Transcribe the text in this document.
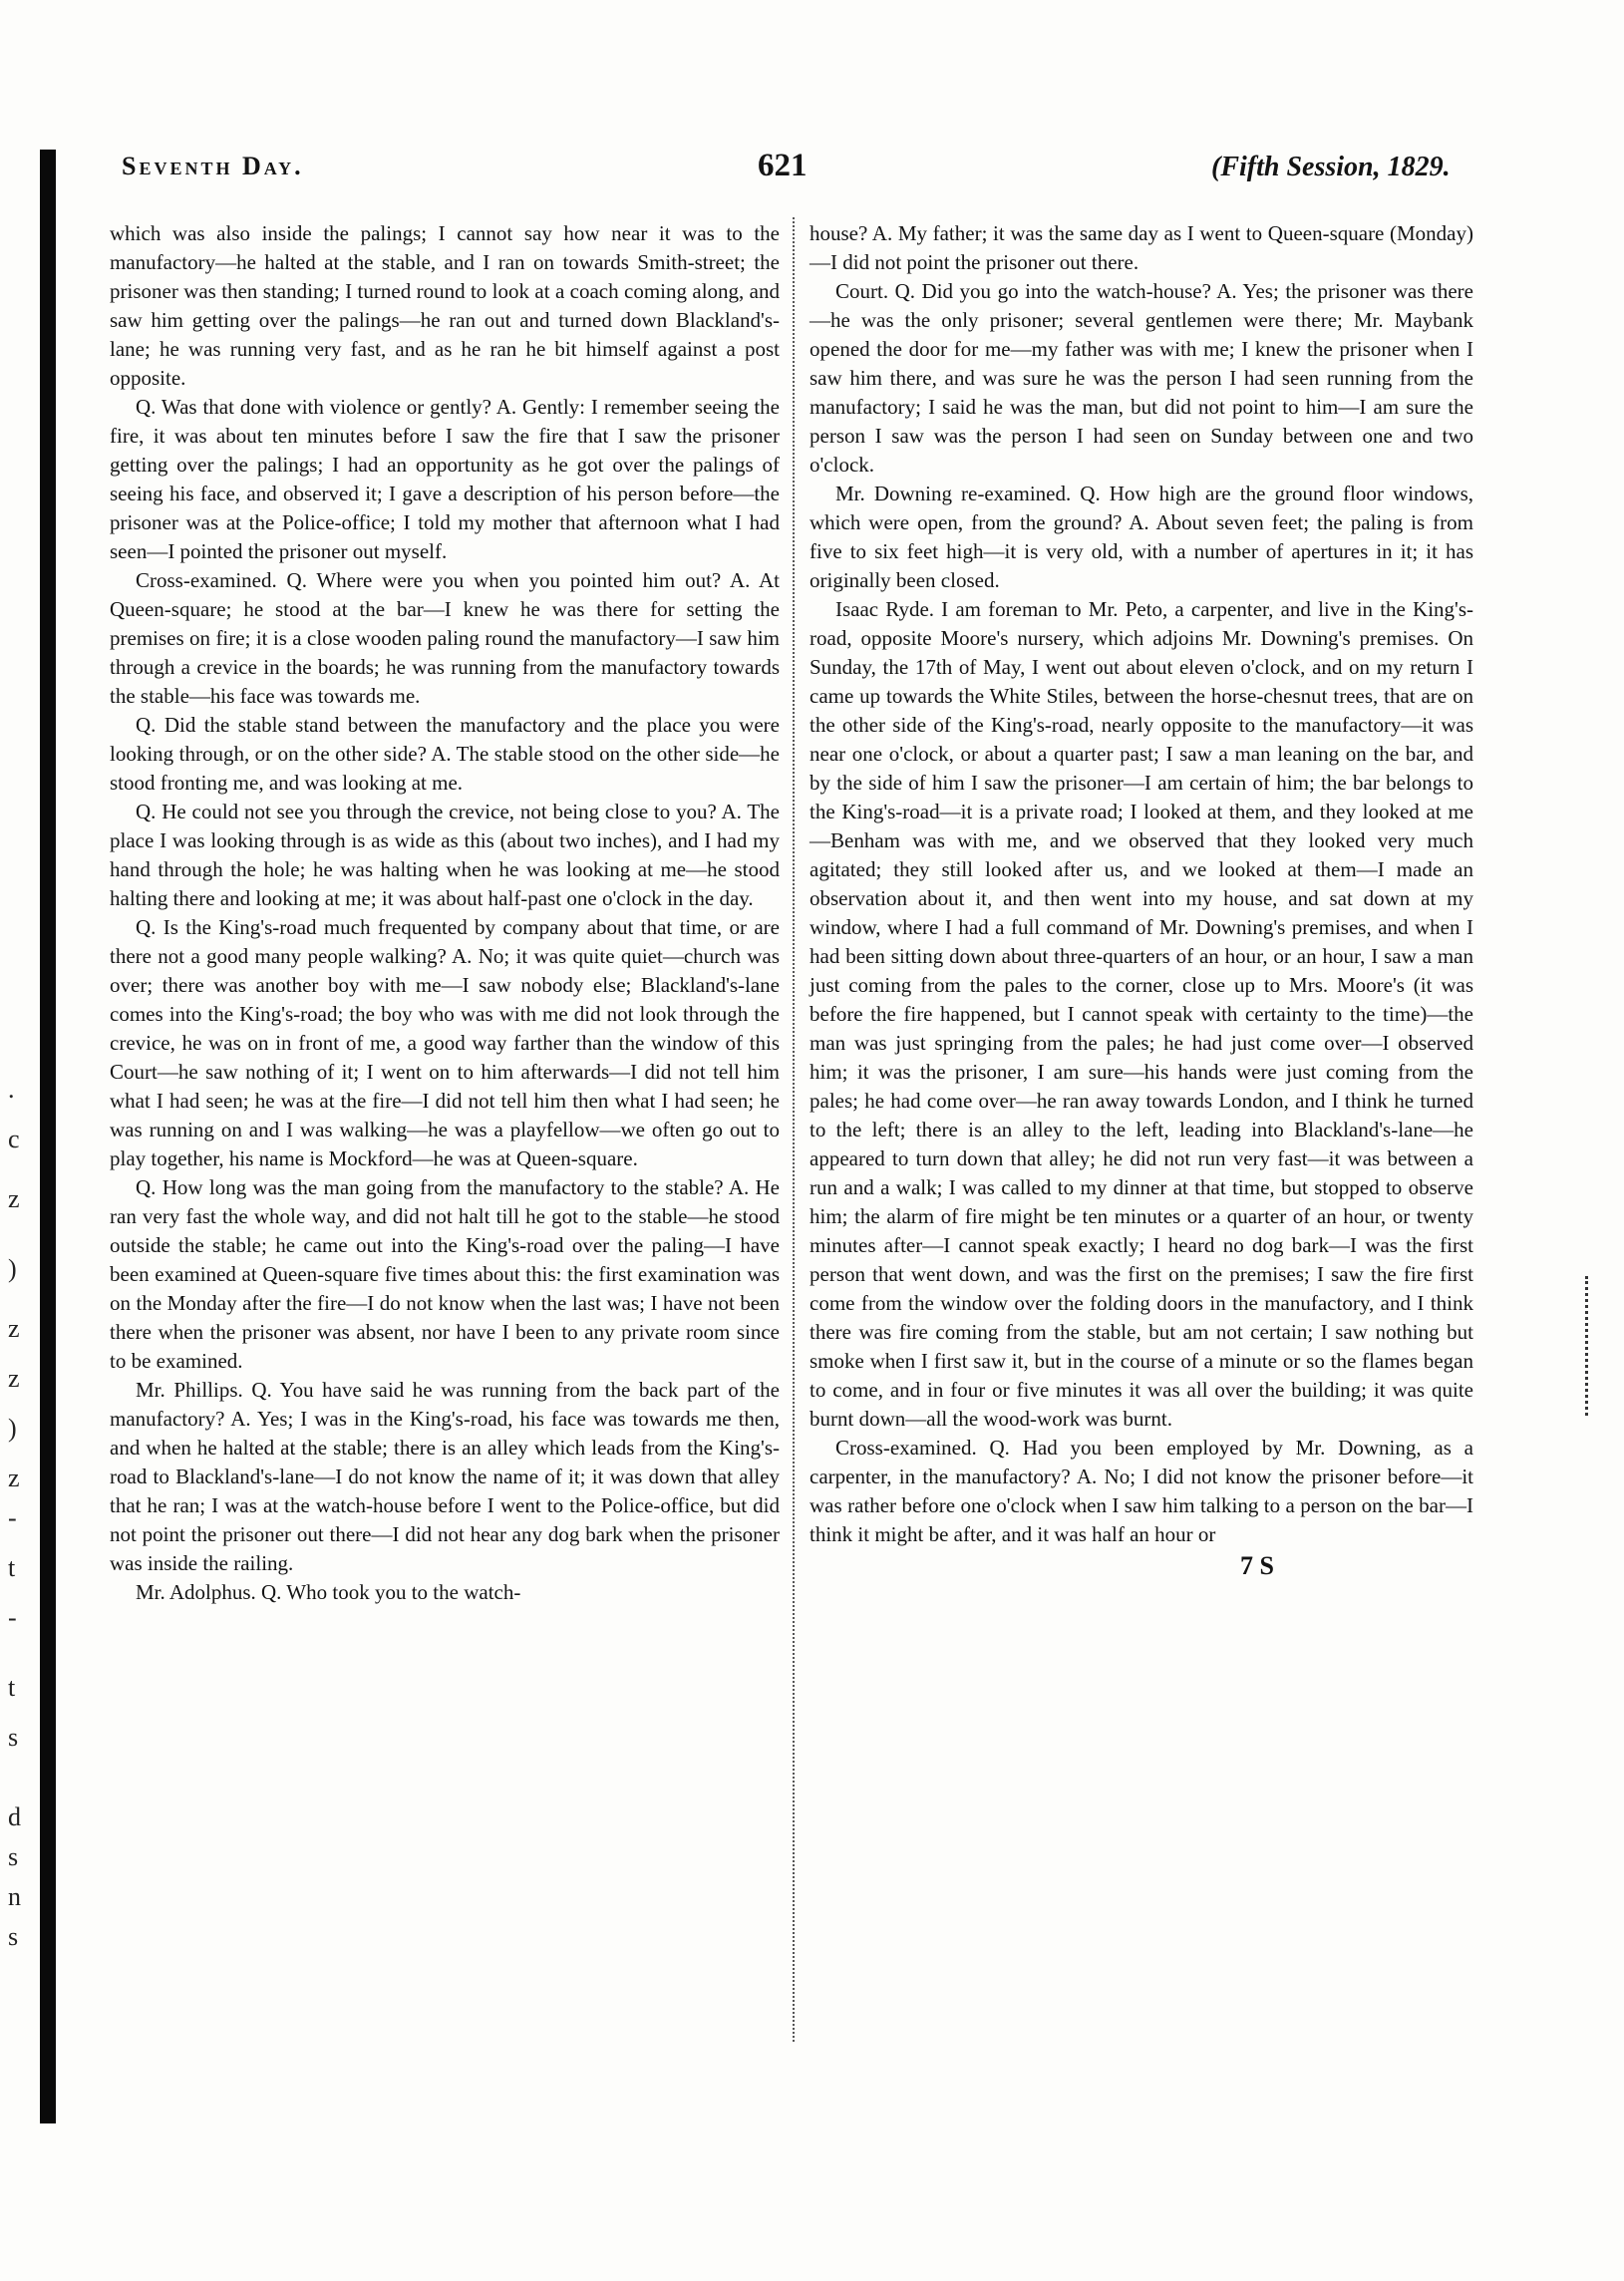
.
c
z
)
z
z
)
z
-
t
-
t
s
d
s
n
s
Seventh Day.	621	(Fifth Session, 1829.

which was also inside the palings; I cannot say how near it was to the manufactory—he halted at the stable, and I ran on towards Smith-street; the prisoner was then standing; I turned round to look at a coach coming along, and saw him getting over the palings—he ran out and turned down Blackland's-lane; he was running very fast, and as he ran he bit himself against a post opposite.

Q. Was that done with violence or gently? A. Gently: I remember seeing the fire, it was about ten minutes before I saw the fire that I saw the prisoner getting over the palings; I had an opportunity as he got over the palings of seeing his face, and observed it; I gave a description of his person before—the prisoner was at the Police-office; I told my mother that afternoon what I had seen—I pointed the prisoner out myself.

Cross-examined. Q. Where were you when you pointed him out? A. At Queen-square; he stood at the bar—I knew he was there for setting the premises on fire; it is a close wooden paling round the manufactory—I saw him through a crevice in the boards; he was running from the manufactory towards the stable—his face was towards me.

Q. Did the stable stand between the manufactory and the place you were looking through, or on the other side? A. The stable stood on the other side—he stood fronting me, and was looking at me.

Q. He could not see you through the crevice, not being close to you? A. The place I was looking through is as wide as this (about two inches), and I had my hand through the hole; he was halting when he was looking at me—he stood halting there and looking at me; it was about half-past one o'clock in the day.

Q. Is the King's-road much frequented by company about that time, or are there not a good many people walking? A. No; it was quite quiet—church was over; there was another boy with me—I saw nobody else; Blackland's-lane comes into the King's-road; the boy who was with me did not look through the crevice, he was on in front of me, a good way farther than the window of this Court—he saw nothing of it; I went on to him afterwards—I did not tell him what I had seen; he was at the fire—I did not tell him then what I had seen; he was running on and I was walking—he was a playfellow—we often go out to play together, his name is Mockford—he was at Queen-square.

Q. How long was the man going from the manufactory to the stable? A. He ran very fast the whole way, and did not halt till he got to the stable—he stood outside the stable; he came out into the King's-road over the paling—I have been examined at Queen-square five times about this: the first examination was on the Monday after the fire—I do not know when the last was; I have not been there when the prisoner was absent, nor have I been to any private room since to be examined.

Mr. Phillips. Q. You have said he was running from the back part of the manufactory? A. Yes; I was in the King's-road, his face was towards me then, and when he halted at the stable; there is an alley which leads from the King's-road to Blackland's-lane—I do not know the name of it; it was down that alley that he ran; I was at the watch-house before I went to the Police-office, but did not point the prisoner out there—I did not hear any dog bark when the prisoner was inside the railing.

Mr. Adolphus. Q. Who took you to the watch-

house? A. My father; it was the same day as I went to Queen-square (Monday)—I did not point the prisoner out there.

Court. Q. Did you go into the watch-house? A. Yes; the prisoner was there—he was the only prisoner; several gentlemen were there; Mr. Maybank opened the door for me—my father was with me; I knew the prisoner when I saw him there, and was sure he was the person I had seen running from the manufactory; I said he was the man, but did not point to him—I am sure the person I saw was the person I had seen on Sunday between one and two o'clock.

Mr. Downing re-examined. Q. How high are the ground floor windows, which were open, from the ground? A. About seven feet; the paling is from five to six feet high—it is very old, with a number of apertures in it; it has originally been closed.

Isaac Ryde. I am foreman to Mr. Peto, a carpenter, and live in the King's-road, opposite Moore's nursery, which adjoins Mr. Downing's premises. On Sunday, the 17th of May, I went out about eleven o'clock, and on my return I came up towards the White Stiles, between the horse-chesnut trees, that are on the other side of the King's-road, nearly opposite to the manufactory—it was near one o'clock, or about a quarter past; I saw a man leaning on the bar, and by the side of him I saw the prisoner—I am certain of him; the bar belongs to the King's-road—it is a private road; I looked at them, and they looked at me—Benham was with me, and we observed that they looked very much agitated; they still looked after us, and we looked at them—I made an observation about it, and then went into my house, and sat down at my window, where I had a full command of Mr. Downing's premises, and when I had been sitting down about three-quarters of an hour, or an hour, I saw a man just coming from the pales to the corner, close up to Mrs. Moore's (it was before the fire happened, but I cannot speak with certainty to the time)—the man was just springing from the pales; he had just come over—I observed him; it was the prisoner, I am sure—his hands were just coming from the pales; he had come over—he ran away towards London, and I think he turned to the left; there is an alley to the left, leading into Blackland's-lane—he appeared to turn down that alley; he did not run very fast—it was between a run and a walk; I was called to my dinner at that time, but stopped to observe him; the alarm of fire might be ten minutes or a quarter of an hour, or twenty minutes after—I cannot speak exactly; I heard no dog bark—I was the first person that went down, and was the first on the premises; I saw the fire first come from the window over the folding doors in the manufactory, and I think there was fire coming from the stable, but am not certain; I saw nothing but smoke when I first saw it, but in the course of a minute or so the flames began to come, and in four or five minutes it was all over the building; it was quite burnt down—all the wood-work was burnt.

Cross-examined. Q. Had you been employed by Mr. Downing, as a carpenter, in the manufactory? A. No; I did not know the prisoner before—it was rather before one o'clock when I saw him talking to a person on the bar—I think it might be after, and it was half an hour or

7 S
